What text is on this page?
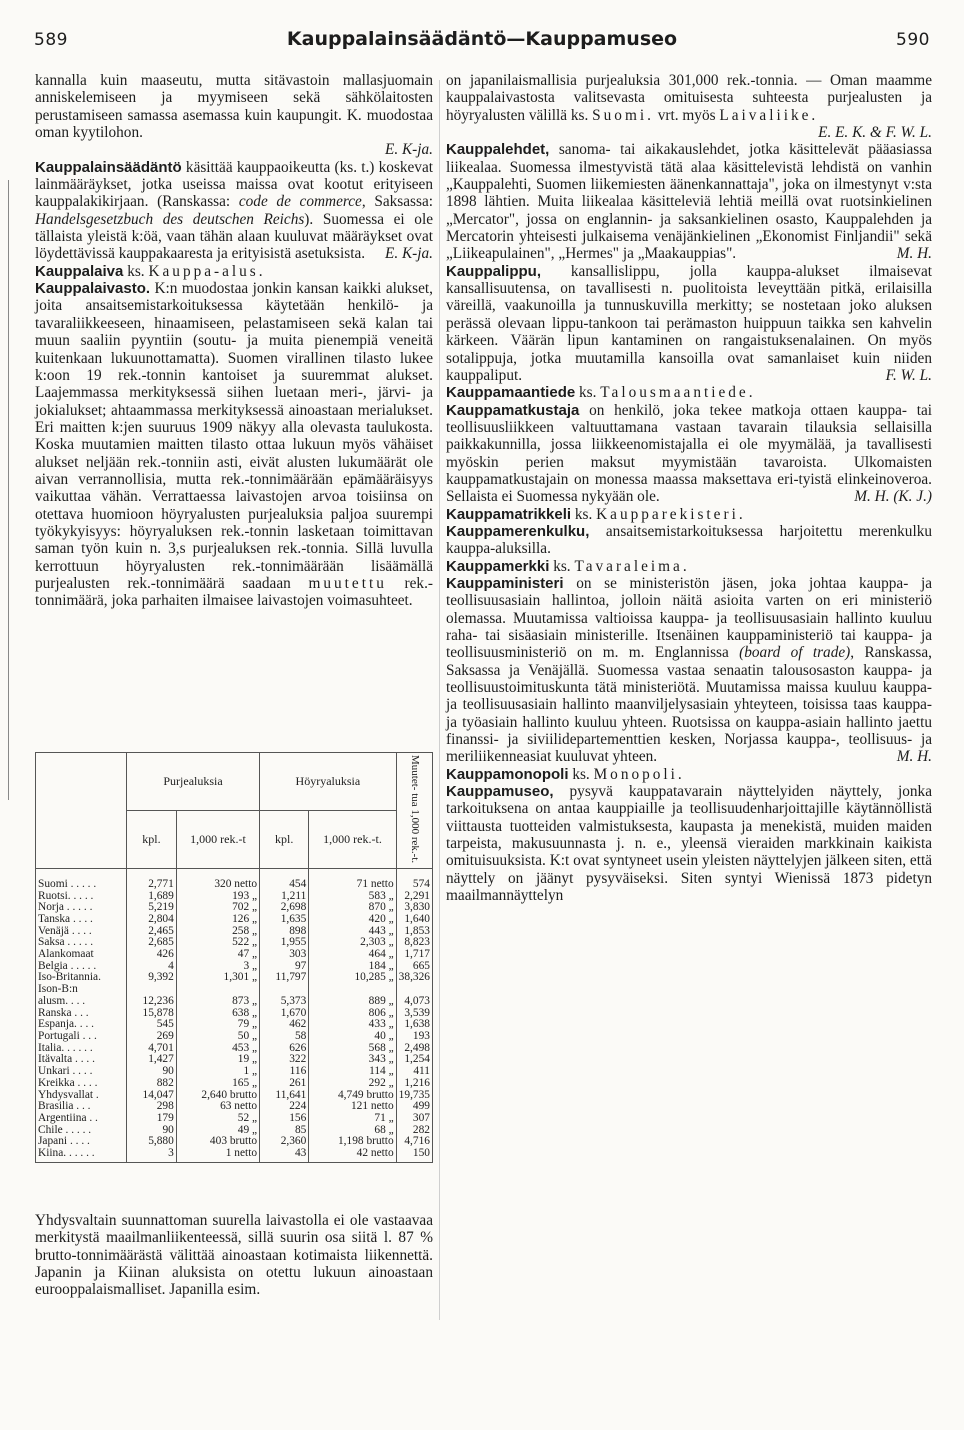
589	Kauppalainsäädäntö—Kauppamuseo	590

kannalla kuin maaseutu, mutta sitävastoin mallasjuomain anniskelemiseen ja myymiseen sekä sähkölaitosten perustamiseen samassa asemassa kuin kaupungit. K. muodostaa oman kyytilohon.
E. K-ja.

Kauppalainsäädäntö käsittää kauppaoikeutta (ks. t.) koskevat lainmääräykset, jotka useissa maissa ovat kootut erityiseen kauppalakikirjaan. (Ranskassa: code de commerce, Saksassa: Handelsgesetzbuch des deutschen Reichs). Suomessa ei ole tällaista yleistä k:öä, vaan tähän alaan kuuluvat määräykset ovat löydettävissä kauppakaaresta ja erityisistä asetuksista. E. K-ja.

Kauppalaiva ks. Kauppa-alus.

Kauppalaivasto. K:n muodostaa jonkin kansan kaikki alukset, joita ansaitsemistarkoituksessa käytetään henkilö- ja tavaraliikkeeseen, hinaamiseen, pelastamiseen sekä kalan tai muun saaliin pyyntiin (soutu- ja muita pienempiä veneitä kuitenkaan lukuunottamatta). Suomen virallinen tilasto lukee k:oon 19 rek.-tonnin kantoiset ja suuremmat alukset. Laajemmassa merkityksessä siihen luetaan meri-, järvi- ja jokialukset; ahtaammassa merkityksessä ainoastaan merialukset. Eri maitten k:jen suuruus 1909 näkyy alla olevasta taulukosta. Koska muutamien maitten tilasto ottaa lukuun myös vähäiset alukset neljään rek.-tonniin asti, eivät alusten lukumäärät ole aivan verrannollisia, mutta rek.-tonnimäärään epämääräisyys vaikuttaa vähän. Verrattaessa laivastojen arvoa toisiinsa on otettava huomioon höyryalusten purjealuksia paljoa suurempi työkykyisyys: höyryaluksen rek.-tonnin lasketaan toimittavan saman työn kuin n. 3,s purjealuksen rek.-tonnia. Sillä luvulla kerrottuun höyryalusten rek.-tonnimäärään lisäämällä purjealusten rek.-tonnimäärä saadaan muutettu rek.-tonnimäärä, joka parhaiten ilmaisee laivastojen voimasuhteet.

	Purjealuksia		Höyryaluksia		Muutet- tua 1,000 rek.-t.
	kpl.	1,000 rek.-t	kpl.	1,000 rek.-t.	
Suomi . . . . .	2,771	320 netto	454	71 netto	574
Ruotsi. . . . .	1,689	193 „	1,211	583 „	2,291
Norja . . . . .	5,219	702 „	2,698	870 „	3,830
Tanska . . . .	2,804	126 „	1,635	420 „	1,640
Venäjä . . . .	2,465	258 „	898	443 „	1,853
Saksa . . . . .	2,685	522 „	1,955	2,303 „	8,823
Alankomaat	426	47 „	303	464 „	1,717
Belgia . . . . .	4	3 „	97	184 „	665
Iso-Britannia.	9,392	1,301 „	11,797	10,285 „	38,326
Ison-B:n					
alusm. . . .	12,236	873 „	5,373	889 „	4,073
Ranska . . .	15,878	638 „	1,670	806 „	3,539
Espanja. . . .	545	79 „	462	433 „	1,638
Portugali . . .	269	50 „	58	40 „	193
Italia. . . . . .	4,701	453 „	626	568 „	2,498
Itävalta . . . .	1,427	19 „	322	343 „	1,254
Unkari . . . .	90	1 „	116	114 „	411
Kreikka . . . .	882	165 „	261	292 „	1,216
Yhdysvallat .	14,047	2,640 brutto	11,641	4,749 brutto	19,735
Brasilia . . .	298	63 netto	224	121 netto	499
Argentiina . .	179	52 „	156	71 „	307
Chile . . . . .	90	49 „	85	68 „	282
Japani . . . .	5,880	403 brutto	2,360	1,198 brutto	4,716
Kiina. . . . . .	3	1 netto	43	42 netto	150

Yhdysvaltain suunnattoman suurella laivastolla ei ole vastaavaa merkitystä maailmanliikenteessä, sillä suurin osa siitä l. 87 % brutto-tonnimäärästä välittää ainoastaan kotimaista liikennettä. Japanin ja Kiinan aluksista on otettu lukuun ainoastaan eurooppalaismalliset. Japanilla esim.

on japanilaismallisia purjealuksia 301,000 rek.-tonnia. — Oman maamme kauppalaivastosta valitsevasta omituisesta suhteesta purjealusten ja höyryalusten välillä ks. Suomi. vrt. myös Laivaliike.
E. E. K. & F. W. L.

Kauppalehdet, sanoma- tai aikakauslehdet, jotka käsittelevät pääasiassa liikealaa. Suomessa ilmestyvistä tätä alaa käsittelevistä lehdistä on vanhin „Kauppalehti, Suomen liikemiesten äänenkannattaja", joka on ilmestynyt v:sta 1898 lähtien. Muita liikealaa käsitteleviä lehtiä meillä ovat ruotsinkielinen „Mercator", jossa on englannin- ja saksankielinen osasto, Kauppalehden ja Mercatorin yhteisesti julkaisema venäjänkielinen „Ekonomist Finljandii" sekä „Liikeapulainen", „Hermes" ja „Maakauppias".	M. H.

Kauppalippu, kansallislippu, jolla kauppa-alukset ilmaisevat kansallisuutensa, on tavallisesti n. puolitoista leveyttään pitkä, erilaisilla väreillä, vaakunoilla ja tunnuskuvilla merkitty; se nostetaan joko aluksen perässä olevaan lippu-tankoon tai perämaston huippuun taikka sen kahvelin kärkeen. Väärän lipun kantaminen on rangaistuksenalainen. On myös sotalippuja, jotka muutamilla kansoilla ovat samanlaiset kuin niiden kauppaliput.	F. W. L.

Kauppamaantiede ks. Talousmaantiede.

Kauppamatkustaja on henkilö, joka tekee matkoja ottaen kauppa- tai teollisuusliikkeen valtuuttamana vastaan tavarain tilauksia sellaisilla paikkakunnilla, jossa liikkeenomistajalla ei ole myymälää, ja tavallisesti myöskin perien maksut myymistään tavaroista. Ulkomaisten kauppamatkustajain on monessa maassa maksettava eri-tyistä elinkeinoveroa. Sellaista ei Suomessa nykyään ole.	M. H. (K. J.)

Kauppamatrikkeli ks. Kaupparekisteri.

Kauppamerenkulku, ansaitsemistarkoituksessa harjoitettu merenkulku kauppa-aluksilla.

Kauppamerkki ks. Tavaraleima.

Kauppaministeri on se ministeristön jäsen, joka johtaa kauppa- ja teollisuusasiain hallintoa, jolloin näitä asioita varten on eri ministeriö olemassa. Muutamissa valtioissa kauppa- ja teollisuusasiain hallinto kuuluu raha- tai sisäasiain ministerille. Itsenäinen kauppaministeriö tai kauppa- ja teollisuusministeriö on m. m. Englannissa (board of trade), Ranskassa, Saksassa ja Venäjällä. Suomessa vastaa senaatin talousosaston kauppa- ja teollisuustoimituskunta tätä ministeriötä. Muutamissa maissa kuuluu kauppa- ja teollisuusasiain hallinto maanviljelysasiain yhteyteen, toisissa taas kauppa- ja työasiain hallinto kuuluu yhteen. Ruotsissa on kauppa-asiain hallinto jaettu finanssi- ja siviilidepartementtien kesken, Norjassa kauppa-, teollisuus- ja meriliikenneasiat kuuluvat yhteen.	M. H.

Kauppamonopoli ks. Monopoli.

Kauppamuseo, pysyvä kauppatavarain näyttelyiden näyttely, jonka tarkoituksena on antaa kauppiaille ja teollisuudenharjoittajille käytännöllistä viittausta tuotteiden valmistuksesta, kaupasta ja menekistä, muiden maiden tarpeista, makusuunnasta j. n. e., yleensä vieraiden markkinain kaikista omituisuuksista. K:t ovat syntyneet usein yleisten näyttelyjen jälkeen siten, että näyttely on jäänyt pysyväiseksi. Siten syntyi Wienissä 1873 pidetyn maailmannäyttelyn
